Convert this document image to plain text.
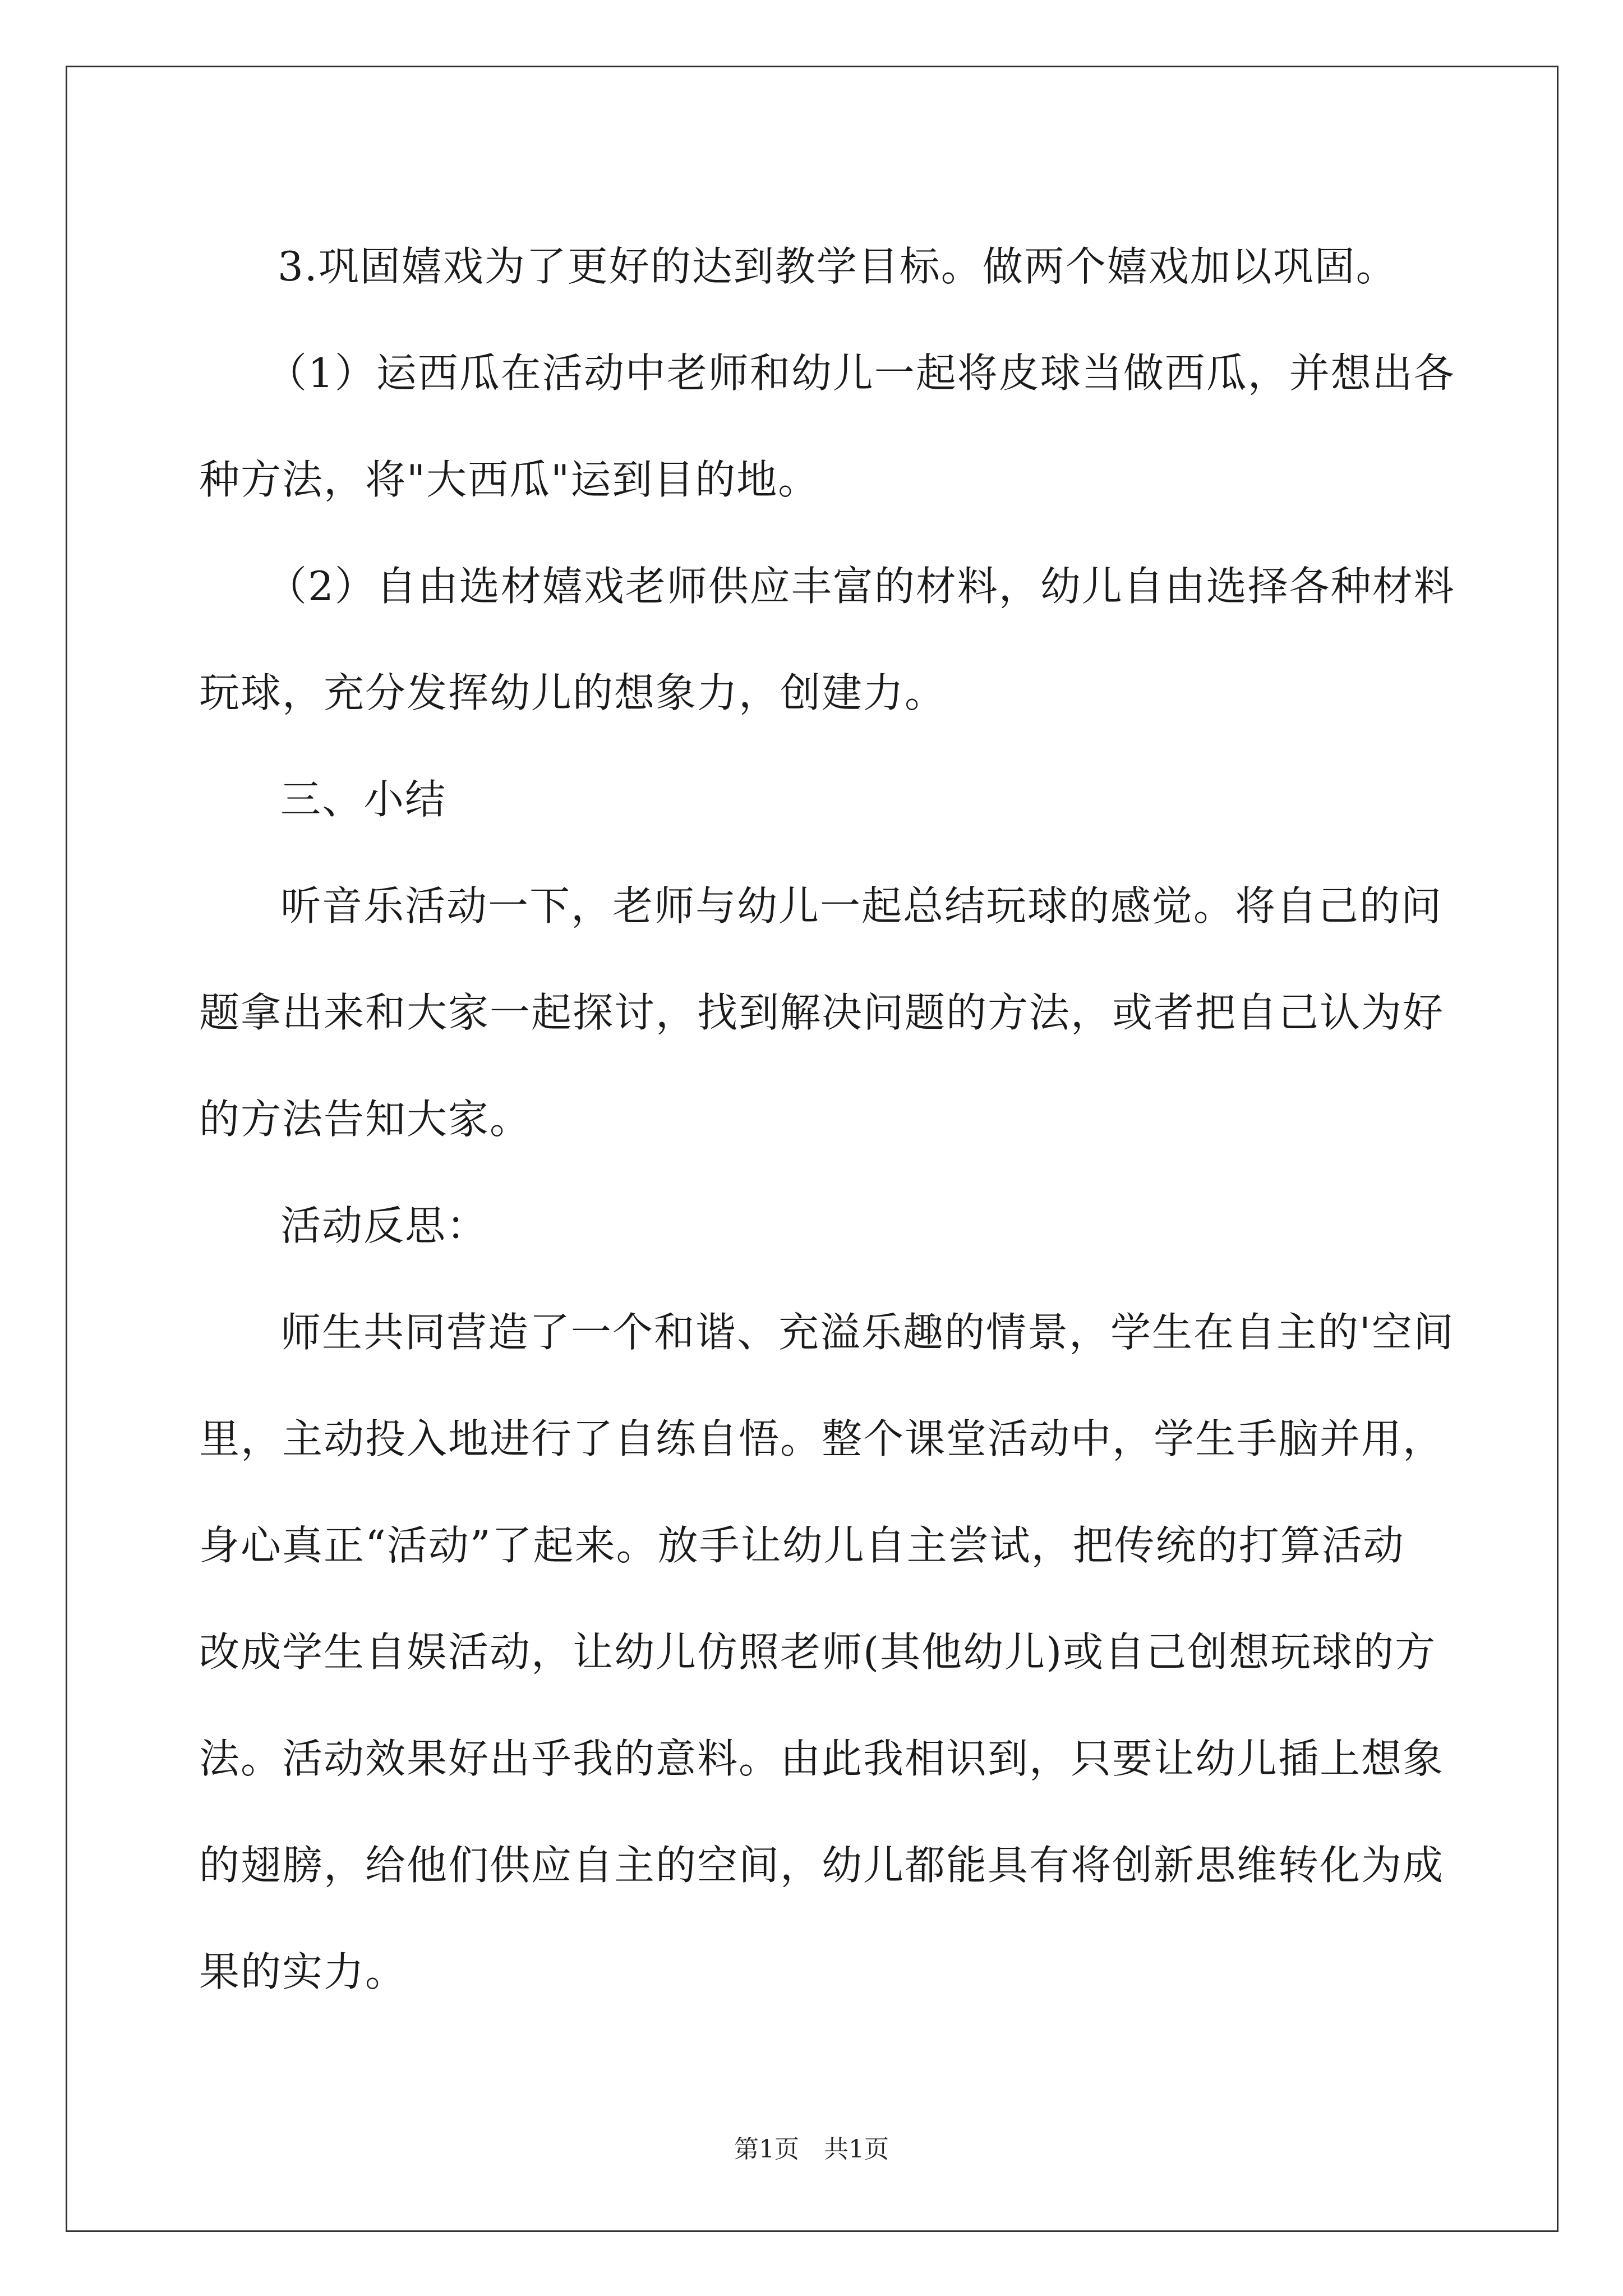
3.巩固嬉戏为了更好的达到教学目标。做两个嬉戏加以巩固。
（1）运西瓜在活动中老师和幼儿一起将皮球当做西瓜，并想出各
种方法，将"大西瓜"运到目的地。
（2）自由选材嬉戏老师供应丰富的材料，幼儿自由选择各种材料
玩球，充分发挥幼儿的想象力，创建力。
三、小结
听音乐活动一下，老师与幼儿一起总结玩球的感觉。将自己的问
题拿出来和大家一起探讨，找到解决问题的方法，或者把自己认为好
的方法告知大家。
活动反思：
师生共同营造了一个和谐、充溢乐趣的情景，学生在自主的'空间
里，主动投入地进行了自练自悟。整个课堂活动中，学生手脑并用，
身心真正“活动”了起来。放手让幼儿自主尝试，把传统的打算活动
改成学生自娱活动，让幼儿仿照老师(其他幼儿)或自己创想玩球的方
法。活动效果好出乎我的意料。由此我相识到，只要让幼儿插上想象
的翅膀，给他们供应自主的空间，幼儿都能具有将创新思维转化为成
果的实力。
第1页　共1页
